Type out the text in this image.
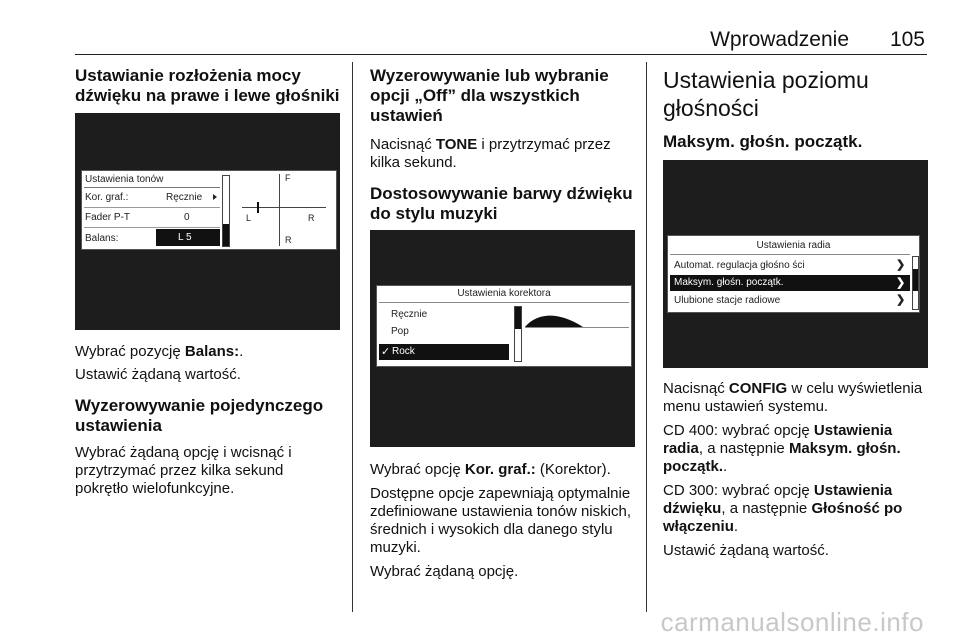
Wprowadzenie 105
Ustawianie rozłożenia mocy dźwięku na prawe i lewe głośniki
Ustawienia tonów
Kor. graf.:	Ręcznie
Fader P-T	0
Balans:	L 5
F
R
L	R

Wybrać pozycję Balans:.

Ustawić żądaną wartość.

Wyzerowywanie pojedynczego ustawienia

Wybrać żądaną opcję i wcisnąć i przytrzymać przez kilka sekund pokrętło wielofunkcyjne.

Wyzerowywanie lub wybranie opcji „Off” dla wszystkich ustawień

Nacisnąć TONE i przytrzymać przez kilka sekund.

Dostosowywanie barwy dźwięku do stylu muzyki
Ustawienia korektora
Ręcznie
Pop
✓ Rock

Wybrać opcję Kor. graf.: (Korektor).

Dostępne opcje zapewniają optymalnie zdefiniowane ustawienia tonów niskich, średnich i wysokich dla danego stylu muzyki.

Wybrać żądaną opcję.

Ustawienia poziomu głośności
Maksym. głośn. początk.
Ustawienia radia
Automat. regulacja głośno ści	❯
Maksym. głośn. początk.	❯
Ulubione stacje radiowe	❯

Nacisnąć CONFIG w celu wyświetlenia menu ustawień systemu.

CD 400: wybrać opcję Ustawienia radia, a następnie Maksym. głośn. początk..

CD 300: wybrać opcję Ustawienia dźwięku, a następnie Głośność po włączeniu.

Ustawić żądaną wartość.

carmanualsonline.info
